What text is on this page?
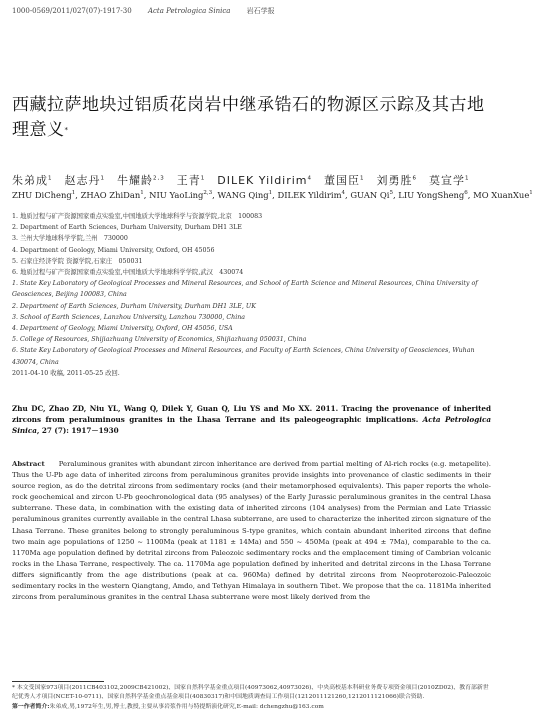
1000-0569/2011/027(07)-1917-30 Acta Petrologica Sinica 岩石学报
西藏拉萨地块过铝质花岗岩中继承锆石的物源区示踪及其古地理意义*
朱弟成$^1$  赵志丹$^1$  牛耀龄$^{2,3}$  王青$^1$  DILEK Yildirim$^4$  董国臣$^1$  刘勇胜$^6$  莫宣学$^1$
ZHU DiCheng$^1$, ZHAO ZhiDan$^1$, NIU YaoLing$^{2,3}$, WANG Qing$^1$, DILEK Yildirim$^4$, GUAN Qi$^5$, LIU YongSheng$^6$, MO XuanXue$^1$
1. 地质过程与矿产资源国家重点实验室,中国地质大学地球科学与资源学院,北京　100083
2. Department of Earth Sciences, Durham University, Durham DH1 3LE
3. 兰州大学地球科学学院,兰州　730000
4. Department of Geology, Miami University, Oxford, OH 45056
5. 石家庄经济学院 资源学院,石家庄　050031
6. 地质过程与矿产资源国家重点实验室,中国地质大学地球科学学院,武汉　430074
1. State Key Laboratory of Geological Processes and Mineral Resources, and School of Earth Science and Mineral Resources, China University of Geosciences, Beijing 100083, China
2. Department of Earth Sciences, Durham University, Durham DH1 3LE, UK
3. School of Earth Sciences, Lanzhou University, Lanzhou 730000, China
4. Department of Geology, Miami University, Oxford, OH 45056, USA
5. College of Resources, Shijiazhuang University of Economics, Shijiazhuang 050031, China
6. State Key Laboratory of Geological Processes and Mineral Resources, and Faculty of Earth Sciences, China University of Geosciences, Wuhan 430074, China
2011-04-10 收稿, 2011-05-25 改回.
Zhu DC, Zhao ZD, Niu YL, Wang Q, Dilek Y, Guan Q, Liu YS and Mo XX. 2011. Tracing the provenance of inherited zircons from peraluminous granites in the Lhasa Terrane and its paleogeographic implications. Acta Petrologica Sinica, 27 (7): 1917－1930
Abstract Peraluminous granites with abundant zircon inheritance are derived from partial melting of Al-rich rocks (e.g. metapelite). Thus the U-Pb age data of inherited zircons from peraluminous granites provide insights into provenance of clastic sediments in their source region, as do the detrital zircons from sedimentary rocks (and their metamorphosed equivalents). This paper reports the whole-rock geochemical and zircon U-Pb geochronological data (95 analyses) of the Early Jurassic peraluminous granites in the central Lhasa subterrane. These data, in combination with the existing data of inherited zircons (104 analyses) from the Permian and Late Triassic peraluminous granites currently available in the central Lhasa subterrane, are used to characterize the inherited zircon signature of the Lhasa Terrane. These granites belong to strongly peraluminous S-type granites, which contain abundant inherited zircons that define two main age populations of 1250 ~ 1100Ma (peak at 1181 ± 14Ma) and 550 ~ 450Ma (peak at 494 ± 7Ma), comparable to the ca. 1170Ma age population defined by detrital zircons from Paleozoic sedimentary rocks and the emplacement timing of Cambrian volcanic rocks in the Lhasa Terrane, respectively. The ca. 1170Ma age population defined by inherited and detrital zircons in the Lhasa Terrane differs significantly from the age distributions (peak at ca. 960Ma) defined by detrital zircons from Neoproterozoic-Paleozoic sedimentary rocks in the western Qiangtang, Amdo, and Tethyan Himalaya in southern Tibet. We propose that the ca. 1181Ma inherited zircons from peraluminous granites in the central Lhasa subterrane were most likely derived from the
* 本文受国家973项目(2011CB403102,2009CB421002)、国家自然科学基金重点项目(40973062,40973026)、中央高校基本科研业务费专项资金项目(2010ZD02)、教育部新世纪优秀人才项目(NCET-10-0711)、国家自然科学基金重点基金项目(40830317)和中国地质调查局工作项目(1212011121260,1212011121066)联合资助.
第一作者简介:朱弟成,男,1972年生,男,博士,教授,主要从事岩浆作用与特提斯演化研究,E-mail: dchengzhu@163.com
